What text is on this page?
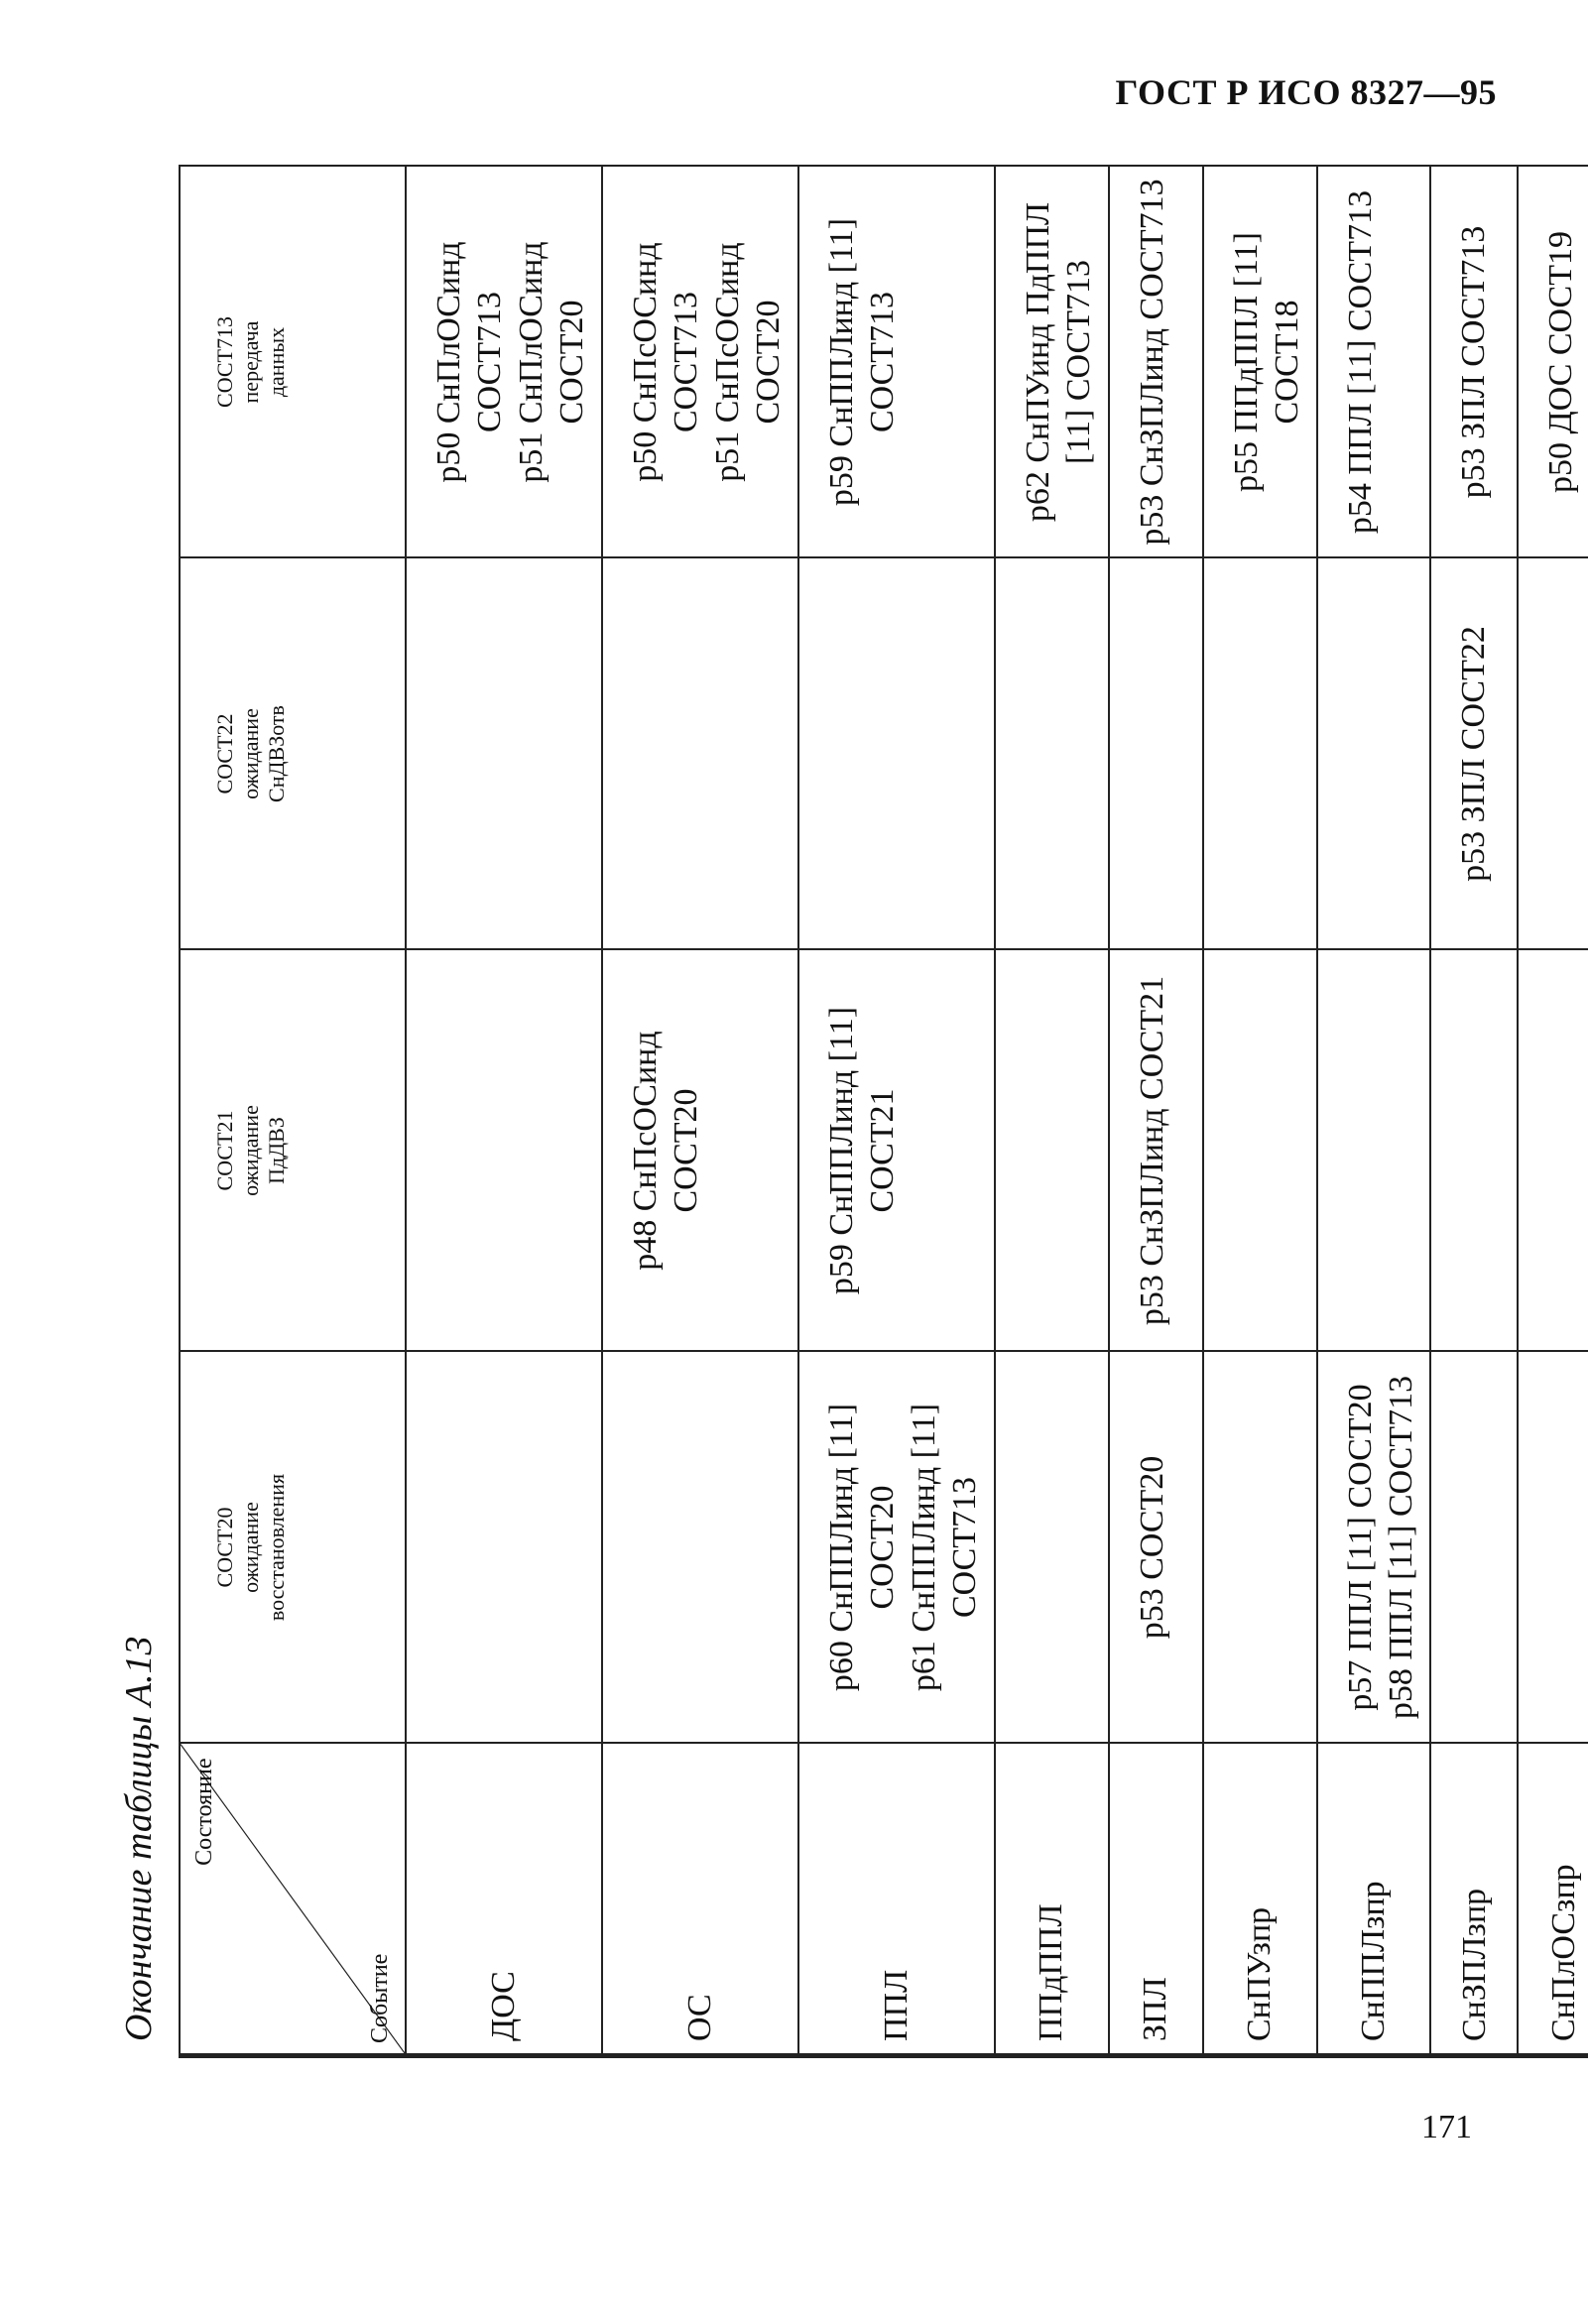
ГОСТ Р ИСО 8327—95
Окончание таблицы А.13 Состояние
Событие	СОСТ20 ожидание восстановления	СОСТ21 ожидание ПдДВЗ	СОСТ22 ожидание СнДВЗотв	СОСТ713 передача данных

ДОС				p50 СнПлОСинд СОСТ713 p51 СнПлОСинд СОСТ20

ОС		p48 СнПсОСинд СОСТ20		p50 СнПсОСинд СОСТ713 p51 СнПсОСинд СОСТ20

ППЛ	p60 СнППЛинд [11] СОСТ20 p61 СнППЛинд [11] СОСТ713	p59 СнППЛинд [11] СОСТ21		p59 СнППЛинд [11] СОСТ713

ППдППЛ				p62 СнПУинд ПдППЛ [11] СОСТ713

ЗПЛ	p53 СОСТ20	p53 СнЗПЛинд СОСТ21		p53 СнЗПЛинд СОСТ713
СнПУзпр				p55 ППдППЛ [11] СОСТ18

СнППЛзпр	p57 ППЛ [11] СОСТ20 p58 ППЛ [11] СОСТ713			p54 ППЛ [11] СОСТ713
СнЗПЛзпр			p53 ЗПЛ СОСТ22	p53 ЗПЛ СОСТ713
СнПлОСзпр				p50 ДОС СОСТ19
171
